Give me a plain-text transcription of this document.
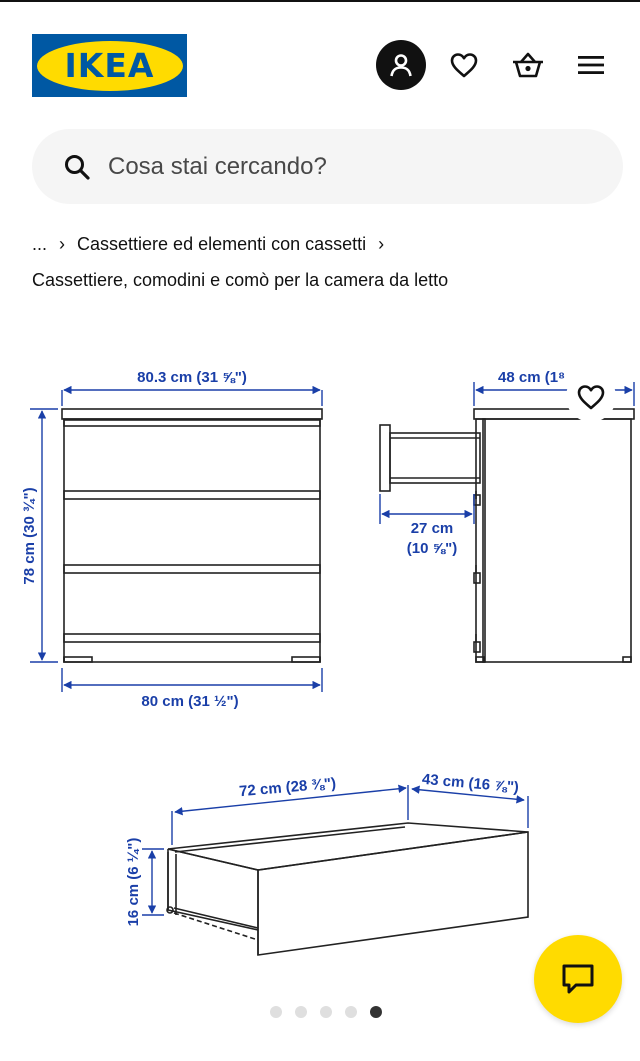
IKEA
Cosa stai cercando?
... › Cassettiere ed elementi con cassetti ›
Cassettiere, comodini e comò per la camera da letto
80.3 cm (31 ⅝")
78 cm (30 ¾")
80 cm (31 ½")
48 cm (1⁸
27 cm
(10 ⅝")
72 cm (28 ⅜")	43 cm (16 ⅞")
16 cm (6 ¼")
